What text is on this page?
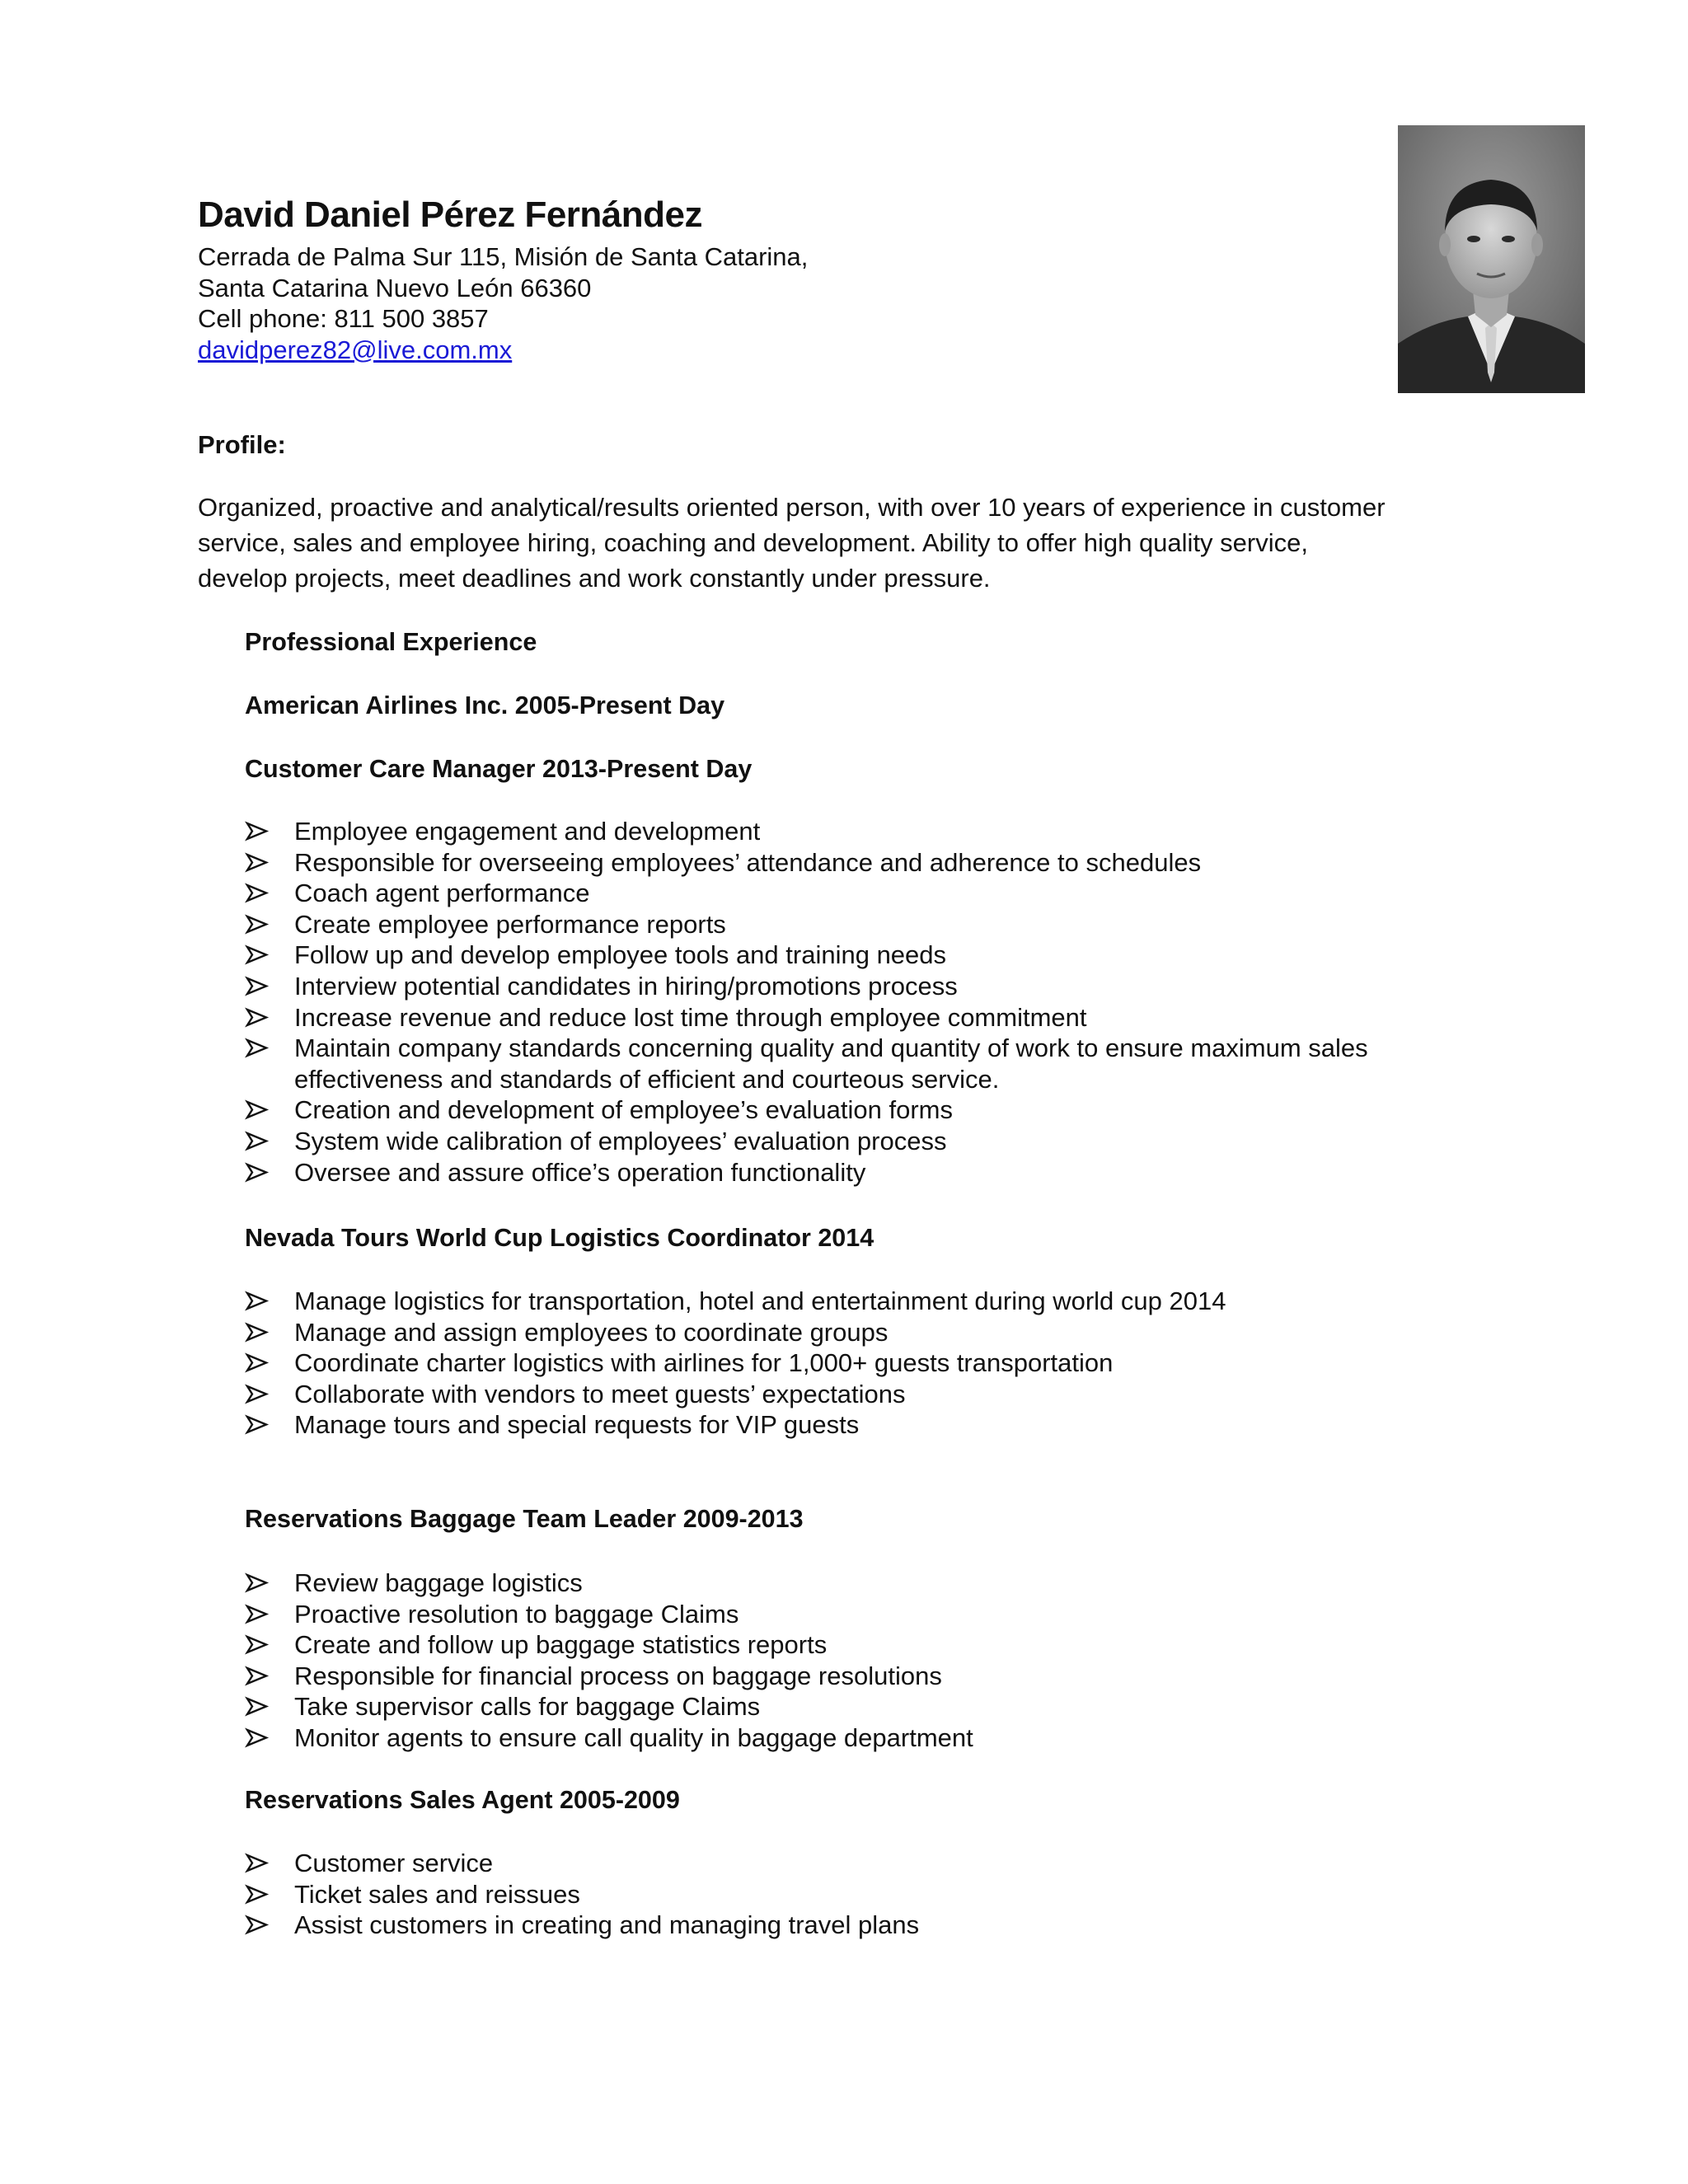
David Daniel Pérez Fernández
Cerrada de Palma Sur 115, Misión de Santa Catarina,
Santa Catarina Nuevo León 66360
Cell phone: 811 500 3857
davidperez82@live.com.mx
Profile:
Organized, proactive and analytical/results oriented person, with over 10 years of experience in customer
service, sales and employee hiring, coaching and development. Ability to offer high quality service,
develop projects, meet deadlines and work constantly under pressure.
Professional Experience
American Airlines Inc. 2005-Present Day
Customer Care Manager 2013-Present Day
Employee engagement and development
Responsible for overseeing employees’ attendance and adherence to schedules
Coach agent performance
Create employee performance reports
Follow up and develop employee tools and training needs
Interview potential candidates in hiring/promotions process
Increase revenue and reduce lost time through employee commitment
Maintain company standards concerning quality and quantity of work to ensure maximum sales
effectiveness and standards of efficient and courteous service.
Creation and development of employee’s evaluation forms
System wide calibration of employees’ evaluation process
Oversee and assure office’s operation functionality
Nevada Tours World Cup Logistics Coordinator 2014
Manage logistics for transportation, hotel and entertainment during world cup 2014
Manage and assign employees to coordinate groups
Coordinate charter logistics with airlines for 1,000+ guests transportation
Collaborate with vendors to meet guests’ expectations
Manage tours and special requests for VIP guests
Reservations Baggage Team Leader 2009-2013
Review baggage logistics
Proactive resolution to baggage Claims
Create and follow up baggage statistics reports
Responsible for financial process on baggage resolutions
Take supervisor calls for baggage Claims
Monitor agents to ensure call quality in baggage department
Reservations Sales Agent 2005-2009
Customer service
Ticket sales and reissues
Assist customers in creating and managing travel plans
